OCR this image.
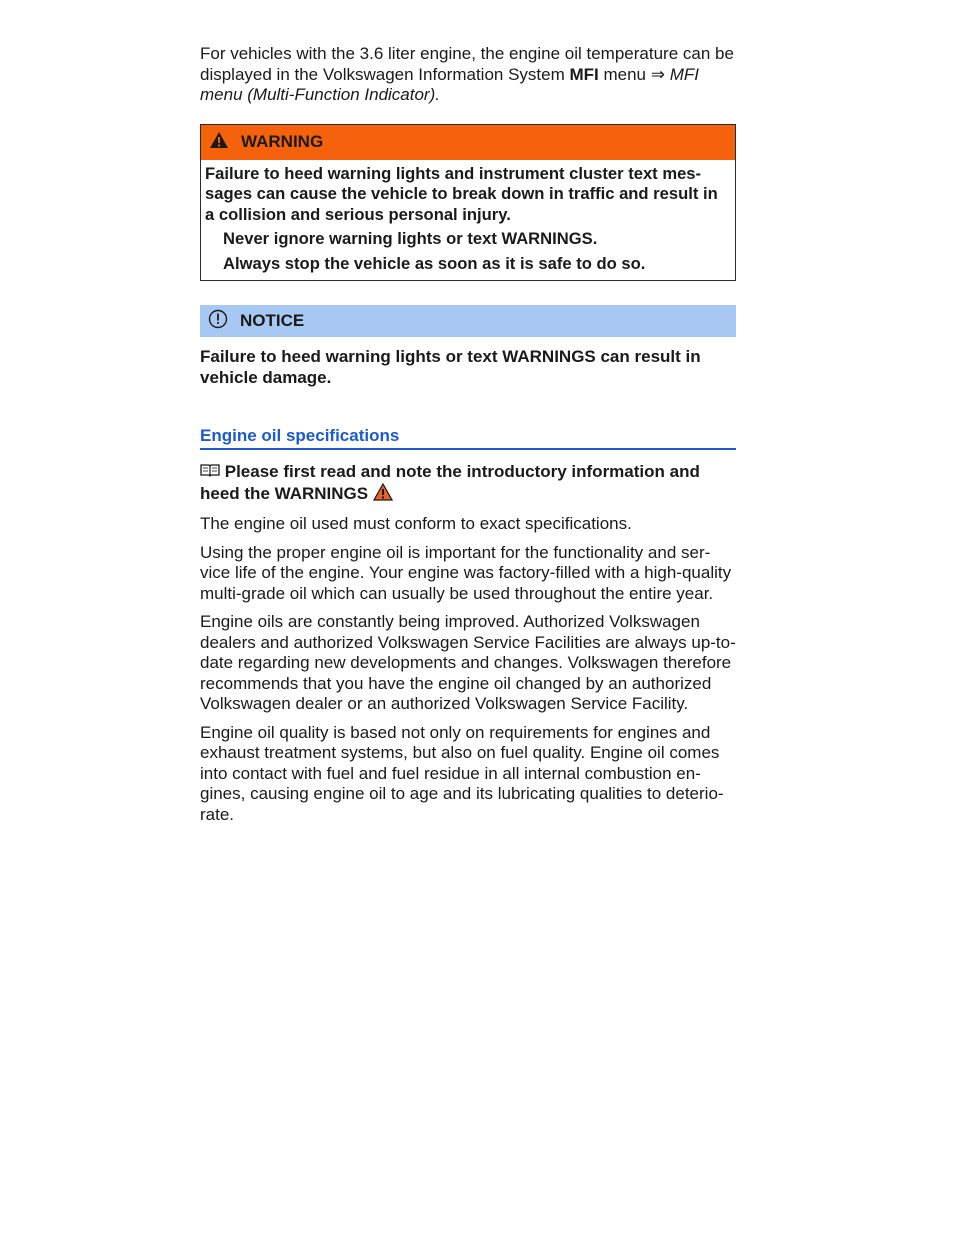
For vehicles with the 3.6 liter engine, the engine oil temperature can be displayed in the Volkswagen Information System MFI menu ⇒ MFI menu (Multi-Function Indicator).

WARNING

Failure to heed warning lights and instrument cluster text mes-sages can cause the vehicle to break down in traffic and result in a collision and serious personal injury.

Never ignore warning lights or text WARNINGS.

Always stop the vehicle as soon as it is safe to do so.

NOTICE

Failure to heed warning lights or text WARNINGS can result in vehicle damage.

Engine oil specifications

Please first read and note the introductory information and heed the WARNINGS

The engine oil used must conform to exact specifications.

Using the proper engine oil is important for the functionality and ser-vice life of the engine. Your engine was factory-filled with a high-quality multi-grade oil which can usually be used throughout the entire year.

Engine oils are constantly being improved. Authorized Volkswagen dealers and authorized Volkswagen Service Facilities are always up-to-date regarding new developments and changes. Volkswagen therefore recommends that you have the engine oil changed by an authorized Volkswagen dealer or an authorized Volkswagen Service Facility.

Engine oil quality is based not only on requirements for engines and exhaust treatment systems, but also on fuel quality. Engine oil comes into contact with fuel and fuel residue in all internal combustion en-gines, causing engine oil to age and its lubricating qualities to deterio-rate.
